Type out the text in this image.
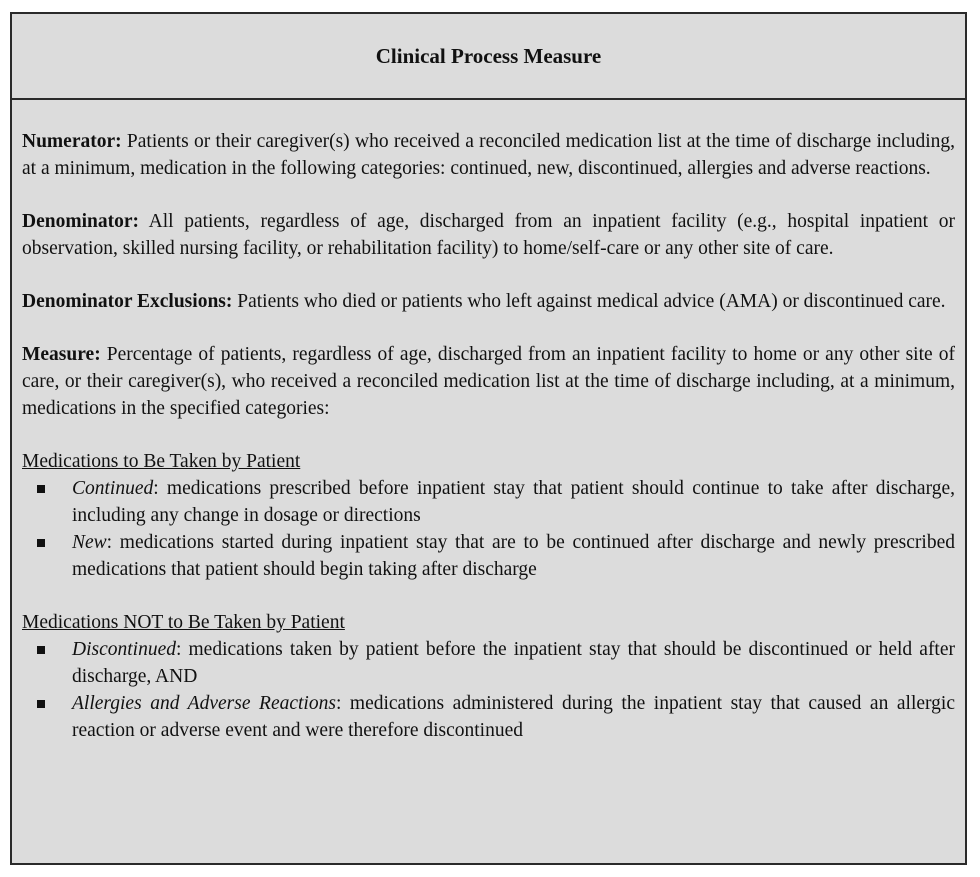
Clinical Process Measure

Numerator: Patients or their caregiver(s) who received a reconciled medication list at the time of discharge including, at a minimum, medication in the following categories: continued, new, discontinued, allergies and adverse reactions.

Denominator: All patients, regardless of age, discharged from an inpatient facility (e.g., hospital inpatient or observation, skilled nursing facility, or rehabilitation facility) to home/self-care or any other site of care.

Denominator Exclusions: Patients who died or patients who left against medical advice (AMA) or discontinued care.

Measure: Percentage of patients, regardless of age, discharged from an inpatient facility to home or any other site of care, or their caregiver(s), who received a reconciled medication list at the time of discharge including, at a minimum, medications in the specified categories:

Medications to Be Taken by Patient

Continued: medications prescribed before inpatient stay that patient should continue to take after discharge, including any change in dosage or directions
New: medications started during inpatient stay that are to be continued after discharge and newly prescribed medications that patient should begin taking after discharge

Medications NOT to Be Taken by Patient

Discontinued: medications taken by patient before the inpatient stay that should be discontinued or held after discharge, AND
Allergies and Adverse Reactions: medications administered during the inpatient stay that caused an allergic reaction or adverse event and were therefore discontinued
